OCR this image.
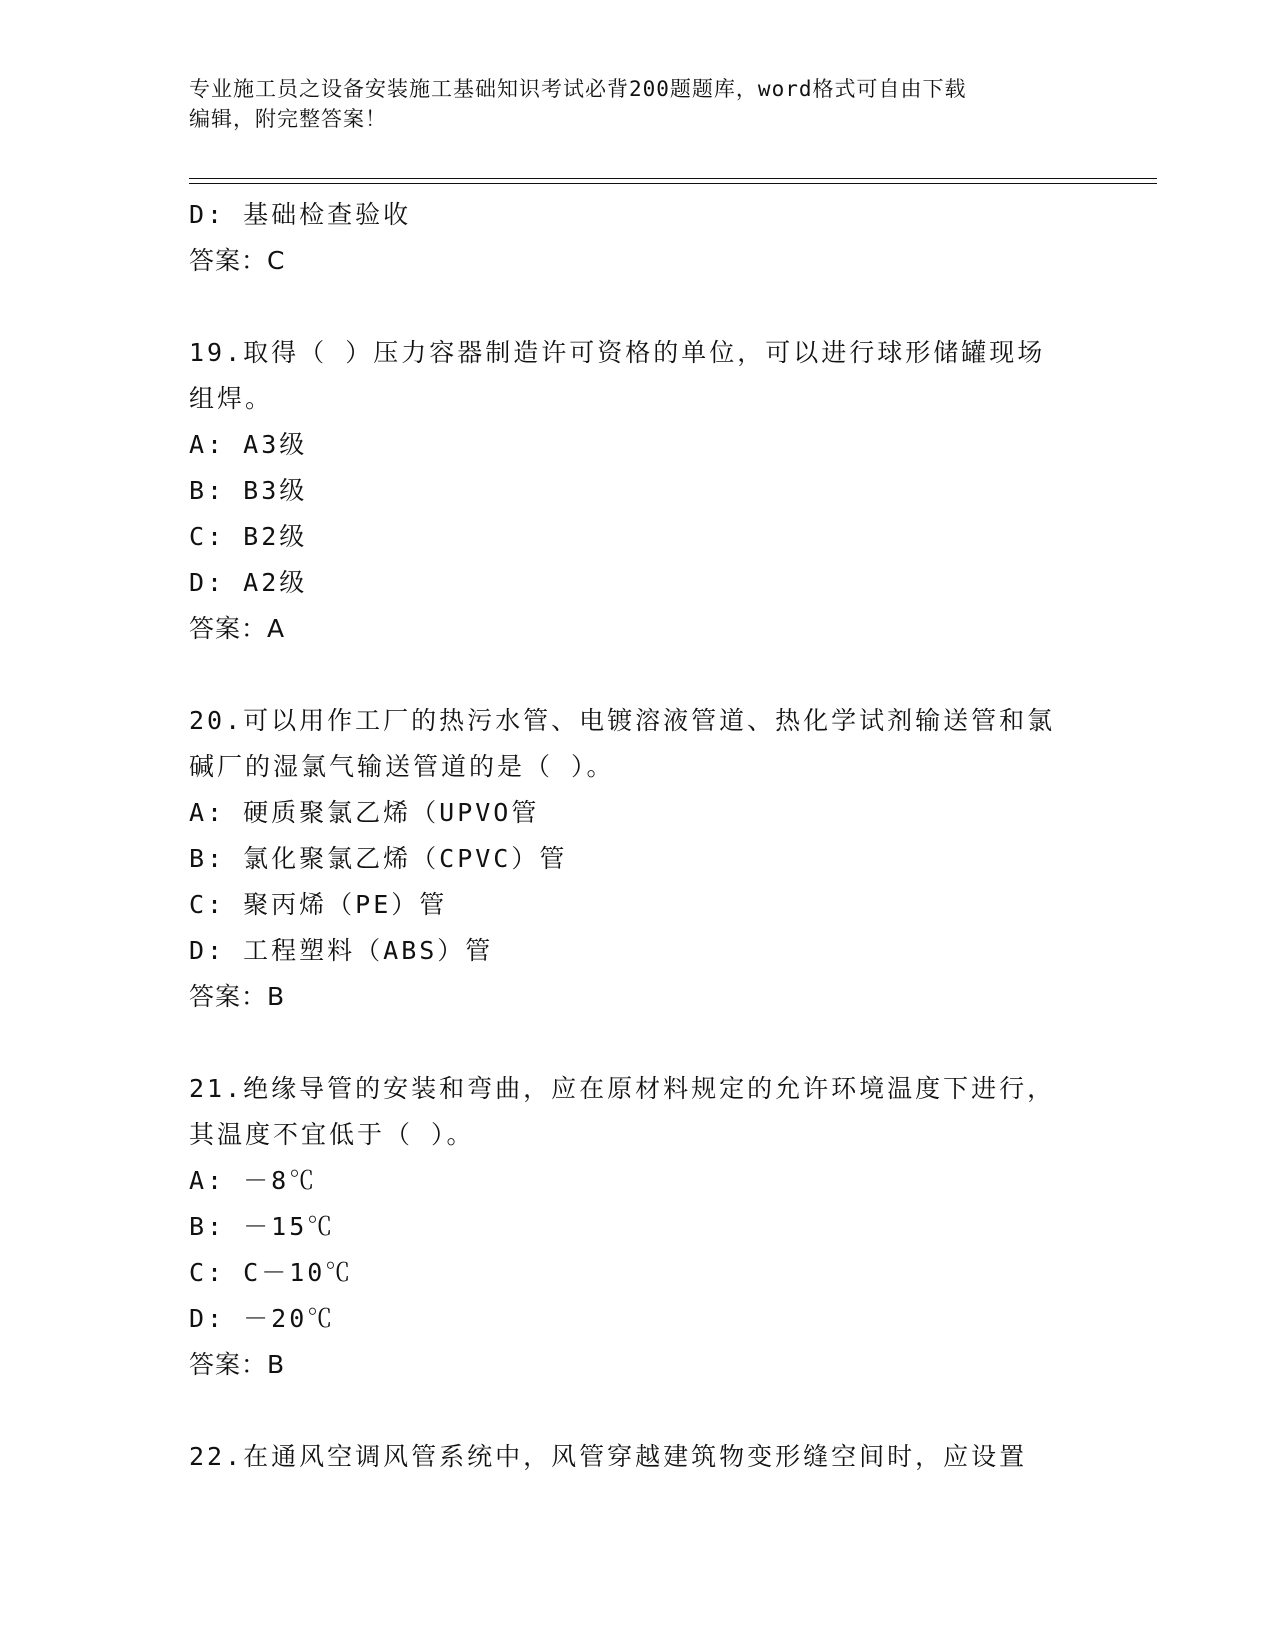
专业施工员之设备安装施工基础知识考试必背200题题库，word格式可自由下载
编辑，附完整答案！
D: 基础检查验收
答案：C
19.取得（ ）压力容器制造许可资格的单位，可以进行球形储罐现场
组焊。
A: A3级
B: B3级
C: B2级
D: A2级
答案：A
20.可以用作工厂的热污水管、电镀溶液管道、热化学试剂输送管和氯
碱厂的湿氯气输送管道的是（ ）。
A: 硬质聚氯乙烯（UPVO管
B: 氯化聚氯乙烯（CPVC）管
C: 聚丙烯（PE）管
D: 工程塑料（ABS）管
答案：B
21.绝缘导管的安装和弯曲，应在原材料规定的允许环境温度下进行，
其温度不宜低于（ ）。
A: －8℃
B: －15℃
C: C－10℃
D: －20℃
答案：B
22.在通风空调风管系统中，风管穿越建筑物变形缝空间时，应设置
